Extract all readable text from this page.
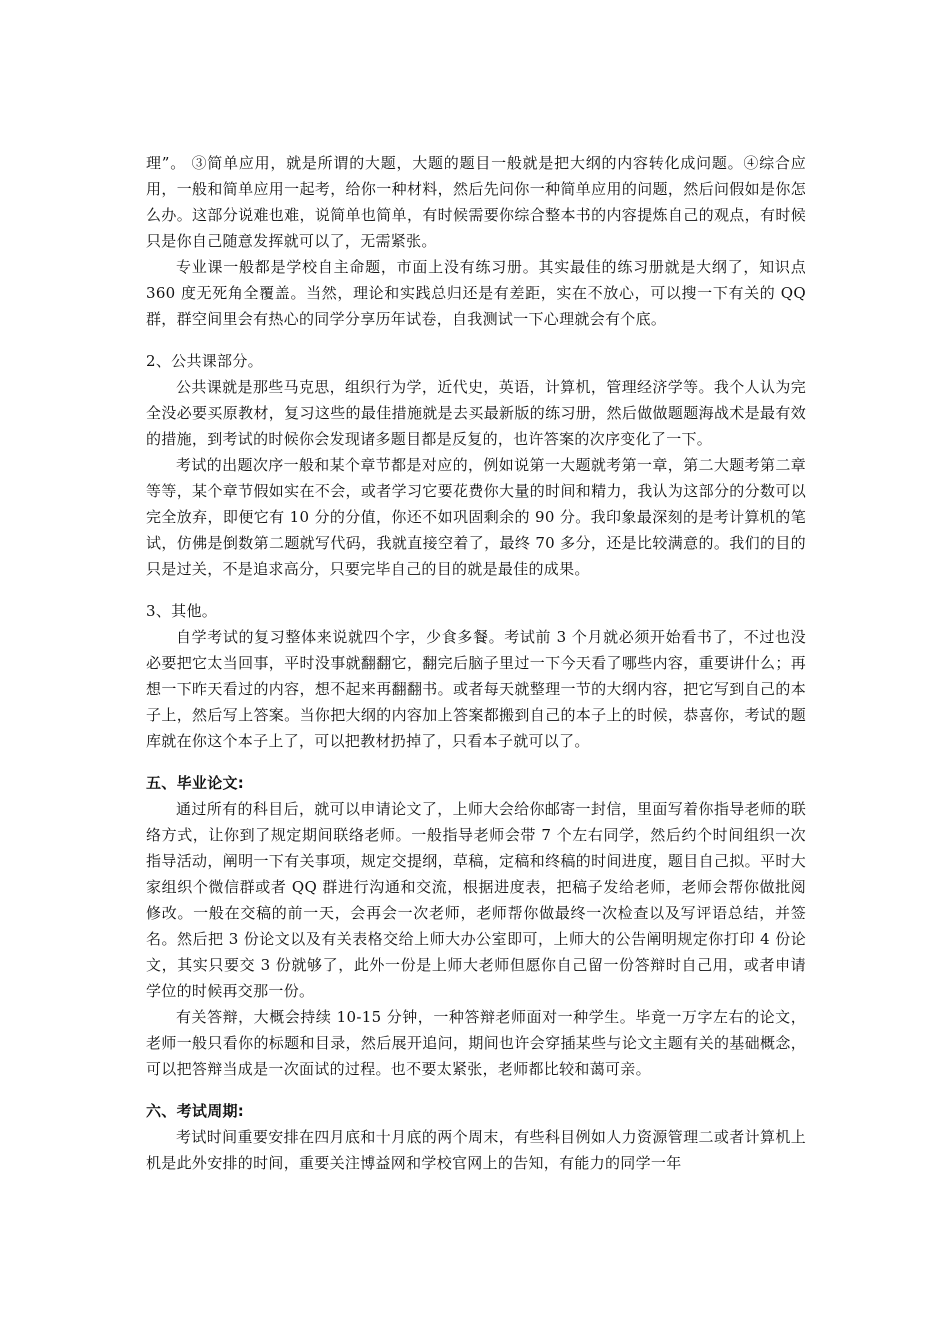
理”。 ③简单应用，就是所谓的大题，大题的题目一般就是把大纲的内容转化成问题。④综合应用，一般和简单应用一起考，给你一种材料，然后先问你一种简单应用的问题，然后问假如是你怎么办。这部分说难也难，说简单也简单，有时候需要你综合整本书的内容提炼自己的观点，有时候只是你自己随意发挥就可以了，无需紧张。

专业课一般都是学校自主命题，市面上没有练习册。其实最佳的练习册就是大纲了，知识点 360 度无死角全覆盖。当然，理论和实践总归还是有差距，实在不放心，可以搜一下有关的 QQ 群，群空间里会有热心的同学分享历年试卷，自我测试一下心理就会有个底。

2、公共课部分。

公共课就是那些马克思，组织行为学，近代史，英语，计算机，管理经济学等。我个人认为完全没必要买原教材，复习这些的最佳措施就是去买最新版的练习册，然后做做题题海战术是最有效的措施，到考试的时候你会发现诸多题目都是反复的，也许答案的次序变化了一下。

考试的出题次序一般和某个章节都是对应的，例如说第一大题就考第一章，第二大题考第二章等等，某个章节假如实在不会，或者学习它要花费你大量的时间和精力，我认为这部分的分数可以完全放弃，即便它有 10 分的分值，你还不如巩固剩余的 90 分。我印象最深刻的是考计算机的笔试，仿佛是倒数第二题就写代码，我就直接空着了，最终 70 多分，还是比较满意的。我们的目的只是过关，不是追求高分，只要完毕自己的目的就是最佳的成果。

3、其他。

自学考试的复习整体来说就四个字，少食多餐。考试前 3 个月就必须开始看书了，不过也没必要把它太当回事，平时没事就翻翻它，翻完后脑子里过一下今天看了哪些内容，重要讲什么；再想一下昨天看过的内容，想不起来再翻翻书。或者每天就整理一节的大纲内容，把它写到自己的本子上，然后写上答案。当你把大纲的内容加上答案都搬到自己的本子上的时候，恭喜你，考试的题库就在你这个本子上了，可以把教材扔掉了，只看本子就可以了。

五、毕业论文:

通过所有的科目后，就可以申请论文了，上师大会给你邮寄一封信，里面写着你指导老师的联络方式，让你到了规定期间联络老师。一般指导老师会带 7 个左右同学，然后约个时间组织一次指导活动，阐明一下有关事项，规定交提纲，草稿，定稿和终稿的时间进度，题目自己拟。平时大家组织个微信群或者 QQ 群进行沟通和交流，根据进度表，把稿子发给老师，老师会帮你做批阅修改。一般在交稿的前一天，会再会一次老师，老师帮你做最终一次检查以及写评语总结，并签名。然后把 3 份论文以及有关表格交给上师大办公室即可，上师大的公告阐明规定你打印 4 份论文，其实只要交 3 份就够了，此外一份是上师大老师但愿你自己留一份答辩时自己用，或者申请学位的时候再交那一份。

有关答辩，大概会持续 10-15 分钟，一种答辩老师面对一种学生。毕竟一万字左右的论文，老师一般只看你的标题和目录，然后展开追问，期间也许会穿插某些与论文主题有关的基础概念，可以把答辩当成是一次面试的过程。也不要太紧张，老师都比较和蔼可亲。

六、考试周期:

考试时间重要安排在四月底和十月底的两个周末，有些科目例如人力资源管理二或者计算机上机是此外安排的时间，重要关注博益网和学校官网上的告知，有能力的同学一年
